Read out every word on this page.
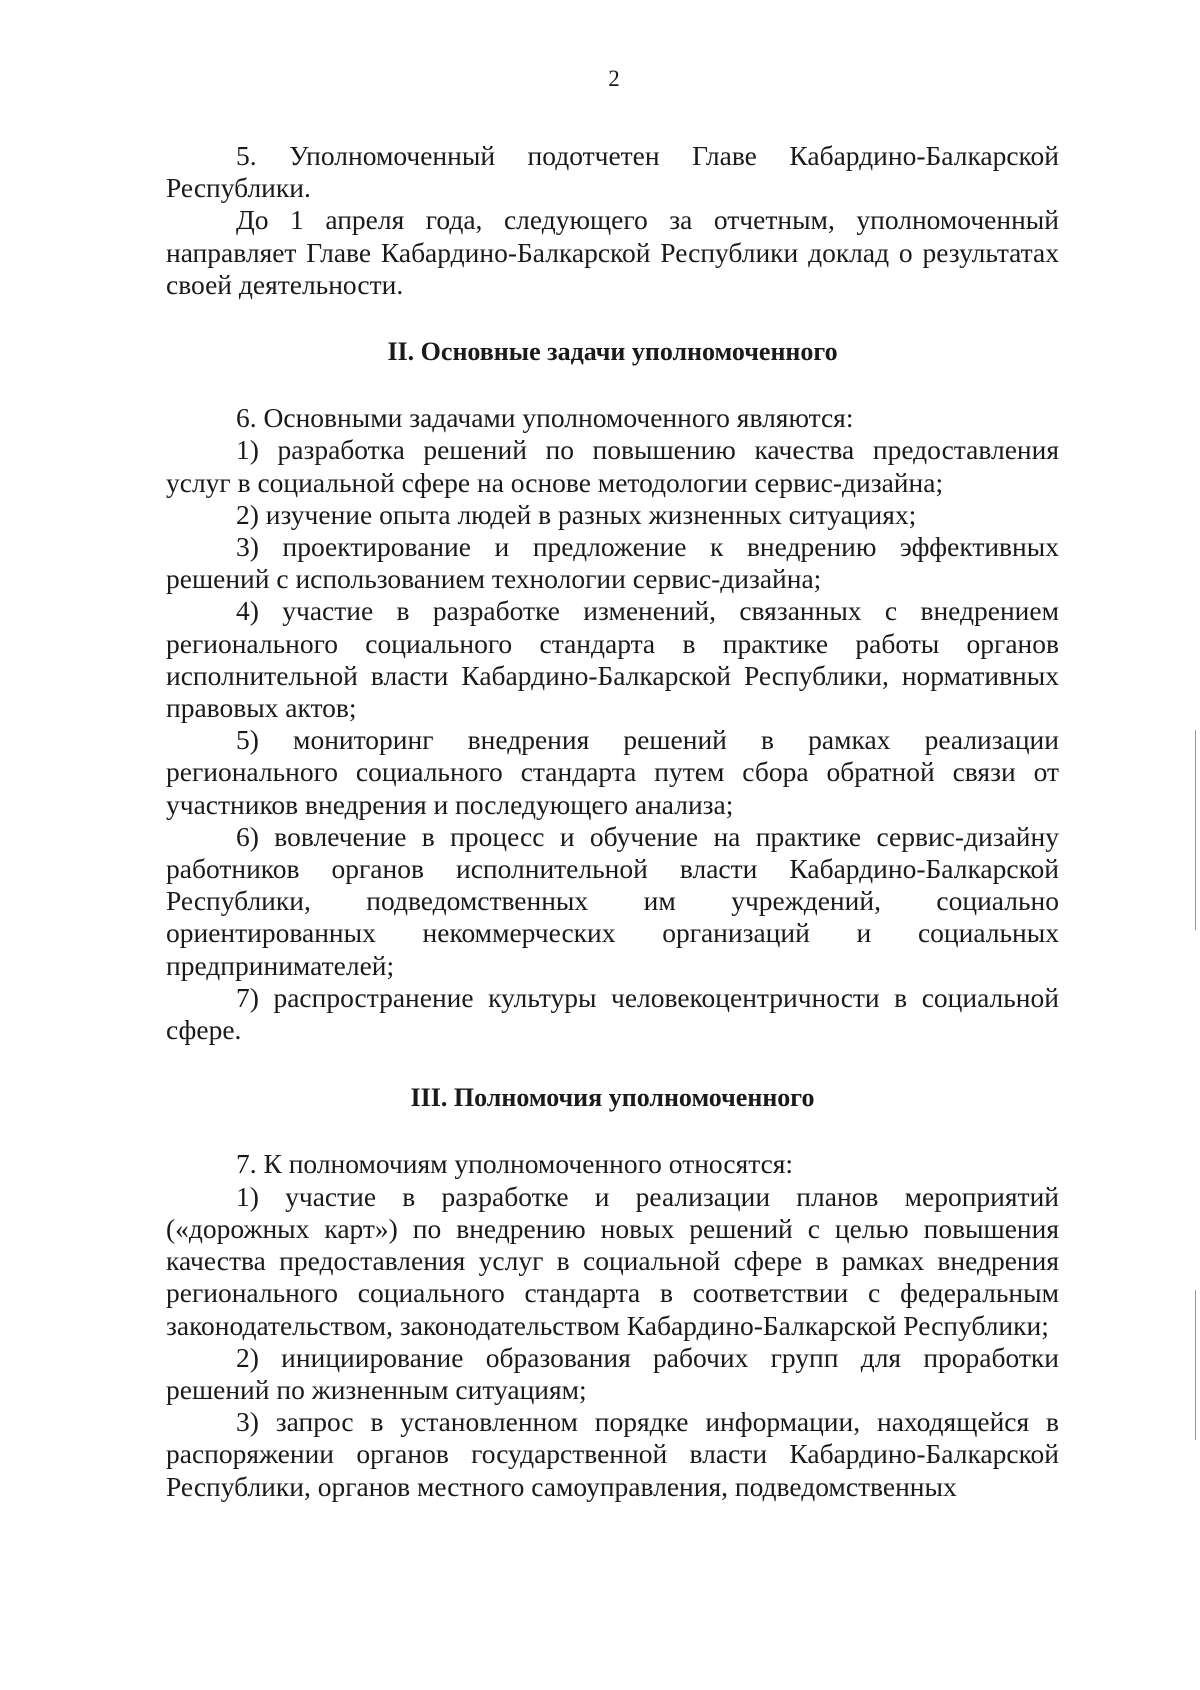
2

5. Уполномоченный подотчетен Главе Кабардино-Балкарской Республики.

До 1 апреля года, следующего за отчетным, уполномоченный направляет Главе Кабардино-Балкарской Республики доклад о результатах своей деятельности.

II. Основные задачи уполномоченного

6. Основными задачами уполномоченного являются:

1) разработка решений по повышению качества предоставления услуг в социальной сфере на основе методологии сервис-дизайна;

2) изучение опыта людей в разных жизненных ситуациях;

3) проектирование и предложение к внедрению эффективных решений с использованием технологии сервис-дизайна;

4) участие в разработке изменений, связанных с внедрением регионального социального стандарта в практике работы органов исполнительной власти Кабардино-Балкарской Республики, нормативных правовых актов;

5) мониторинг внедрения решений в рамках реализации регионального социального стандарта путем сбора обратной связи от участников внедрения и последующего анализа;

6) вовлечение в процесс и обучение на практике сервис-дизайну работников органов исполнительной власти Кабардино-Балкарской Республики, подведомственных им учреждений, социально ориентированных некоммерческих организаций и социальных предпринимателей;

7) распространение культуры человекоцентричности в социальной сфере.

III. Полномочия уполномоченного

7. К полномочиям уполномоченного относятся:

1) участие в разработке и реализации планов мероприятий («дорожных карт») по внедрению новых решений с целью повышения качества предоставления услуг в социальной сфере в рамках внедрения регионального социального стандарта в соответствии с федеральным законодательством, законодательством Кабардино-Балкарской Республики;

2) инициирование образования рабочих групп для проработки решений по жизненным ситуациям;

3) запрос в установленном порядке информации, находящейся в распоряжении органов государственной власти Кабардино-Балкарской Республики, органов местного самоуправления, подведомственных
